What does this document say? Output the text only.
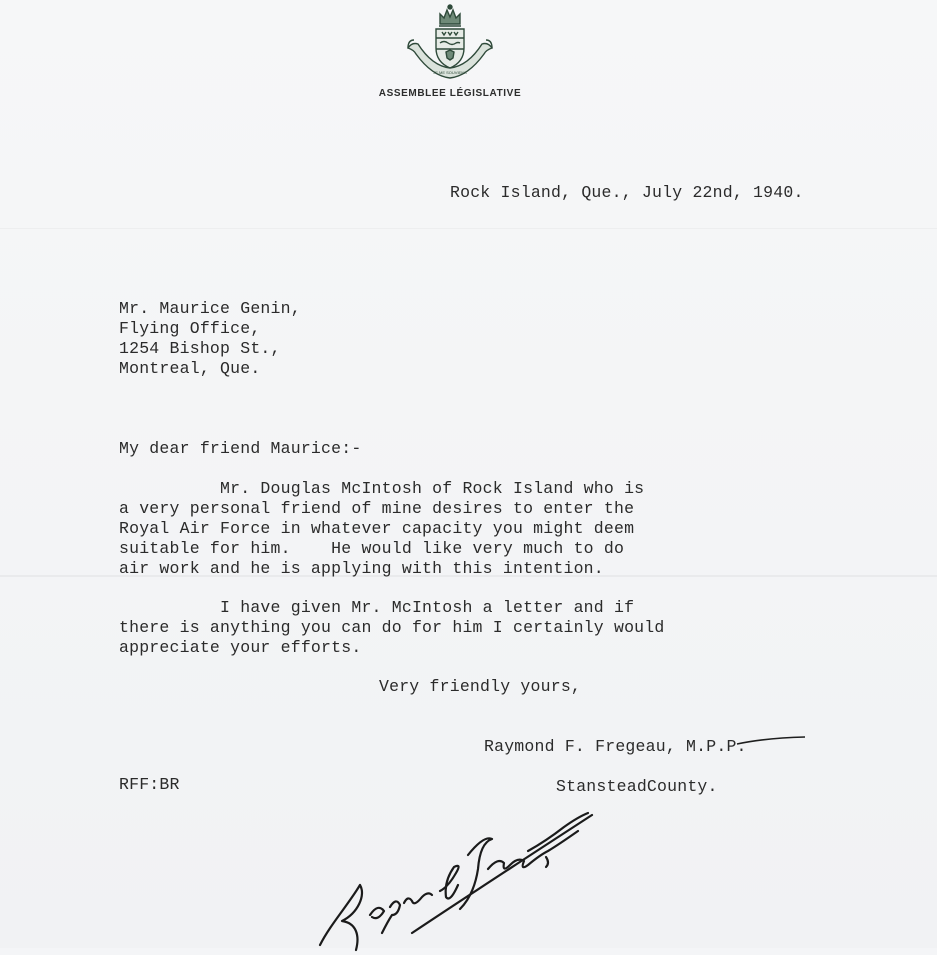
JE ME SOUVIENS
ASSEMBLEE LÉGISLATIVE
Rock Island, Que., July 22nd, 1940.
Mr. Maurice Genin,
Flying Office,
1254 Bishop St.,
Montreal, Que.
My dear friend Maurice:-
Mr. Douglas McIntosh of Rock Island who is
a very personal friend of mine desires to enter the
Royal Air Force in whatever capacity you might deem
suitable for him.    He would like very much to do
air work and he is applying with this intention.
I have given Mr. McIntosh a letter and if
there is anything you can do for him I certainly would
appreciate your efforts.
Very friendly yours,
Raymond F. Fregeau, M.P.P.
RFF:BR	StansteadCounty.
